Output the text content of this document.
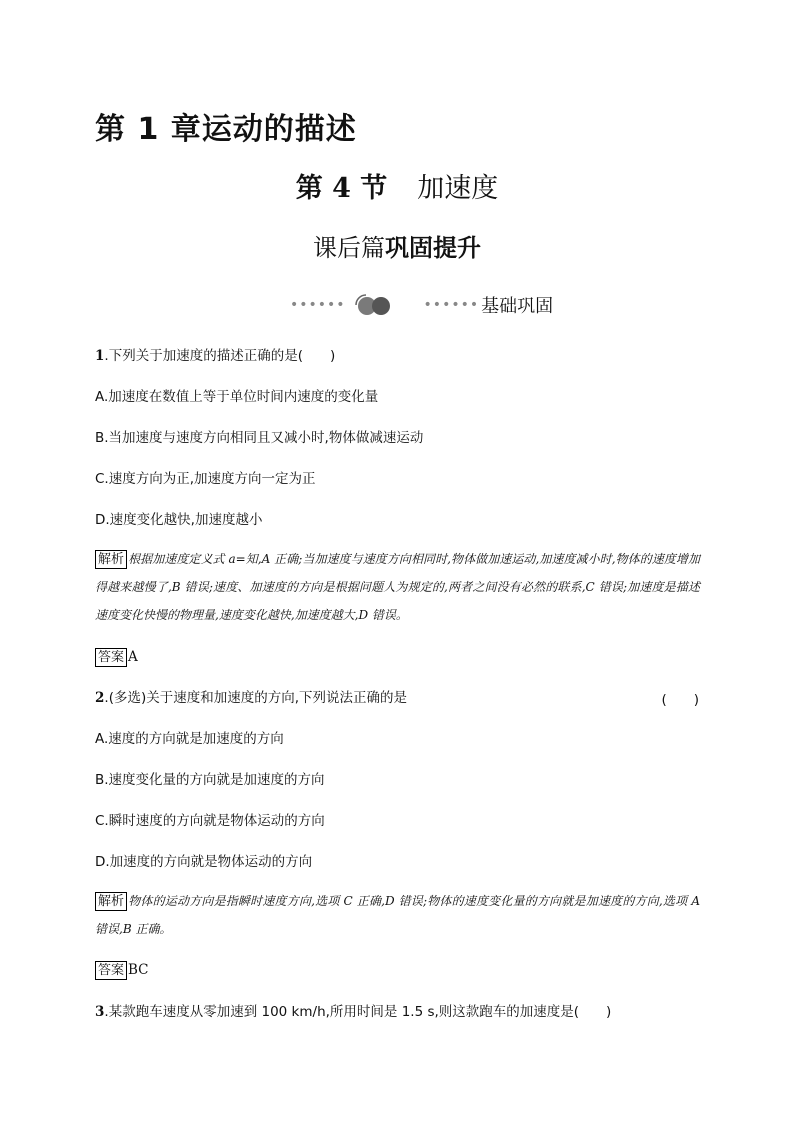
第 1 章运动的描述
第 4 节 加速度
课后篇巩固提升
••••••	•••••• 基础巩固
1.下列关于加速度的描述正确的是(　　)
A.加速度在数值上等于单位时间内速度的变化量
B.当加速度与速度方向相同且又减小时,物体做减速运动
C.速度方向为正,加速度方向一定为正
D.速度变化越快,加速度越小
解析 根据加速度定义式 a=知,A 正确;当加速度与速度方向相同时,物体做加速运动,加速度减小时,物体的速度增加得越来越慢了,B 错误;速度、加速度的方向是根据问题人为规定的,两者之间没有必然的联系,C 错误;加速度是描述速度变化快慢的物理量,速度变化越快,加速度越大,D 错误。
答案 A
2.(多选)关于速度和加速度的方向,下列说法正确的是	(　　)
A.速度的方向就是加速度的方向
B.速度变化量的方向就是加速度的方向
C.瞬时速度的方向就是物体运动的方向
D.加速度的方向就是物体运动的方向
解析 物体的运动方向是指瞬时速度方向,选项 C 正确,D 错误;物体的速度变化量的方向就是加速度的方向,选项 A 错误,B 正确。
答案 BC
3.某款跑车速度从零加速到 100 km/h,所用时间是 1.5 s,则这款跑车的加速度是(　　)
